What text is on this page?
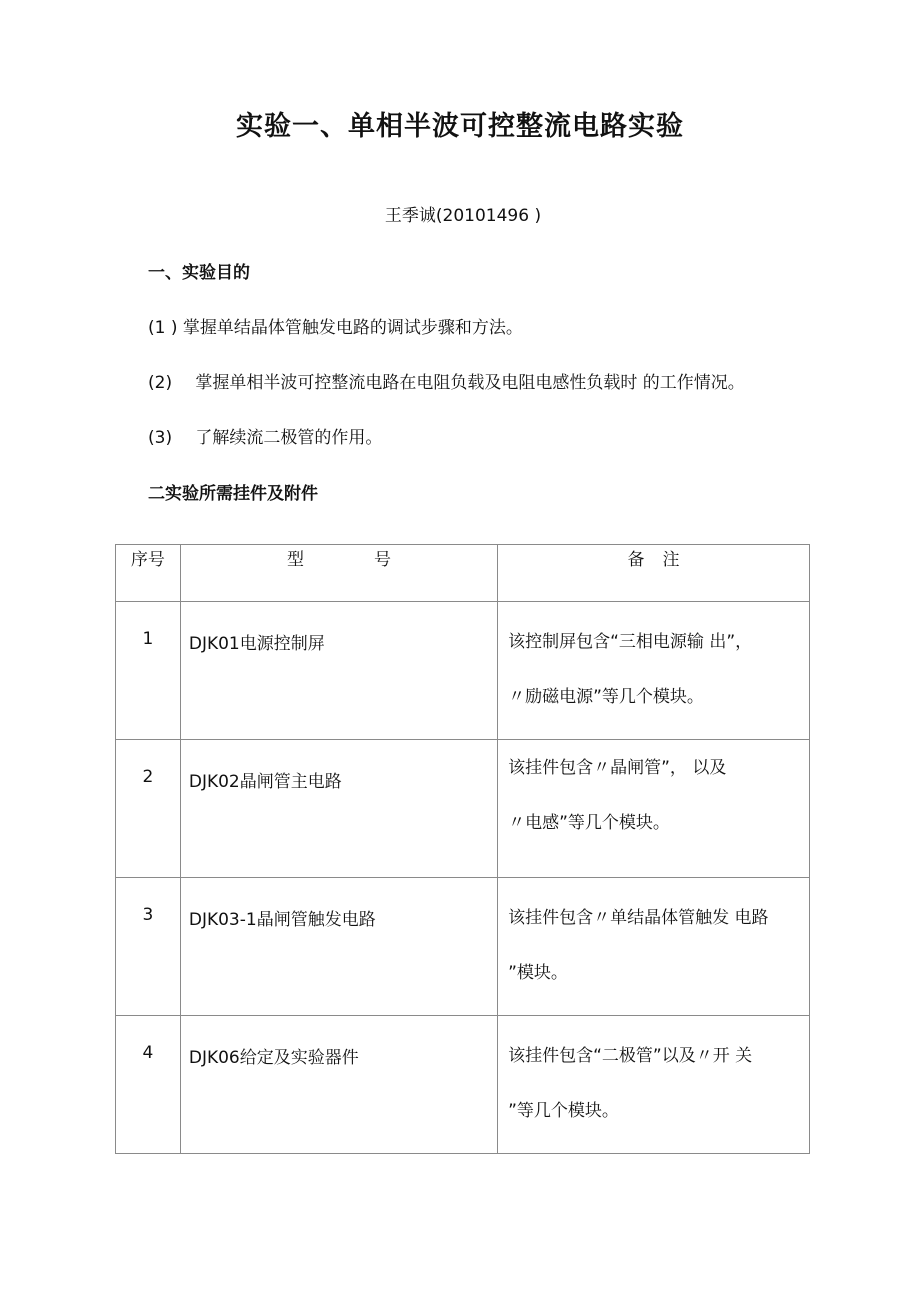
实验一、单相半波可控整流电路实验
王季诚(20101496 )
一、实验目的
(1 ) 掌握单结晶体管触发电路的调试步骤和方法。
(2) 掌握单相半波可控整流电路在电阻负载及电阻电感性负载时 的工作情况。
(3) 了解续流二极管的作用。
二实验所需挂件及附件
序号	型 号	备 注
1	DJK01电源控制屏	该控制屏包含“三相电源输 出”，
〃励磁电源”等几个模块。

2	DJK02晶闸管主电路	该挂件包含〃晶闸管”， 以及
〃电感”等几个模块。

3	DJK03-1晶闸管触发电路	该挂件包含〃单结晶体管触发 电路
”模块。

4	DJK06给定及实验器件	该挂件包含“二极管”以及〃开 关
”等几个模块。
